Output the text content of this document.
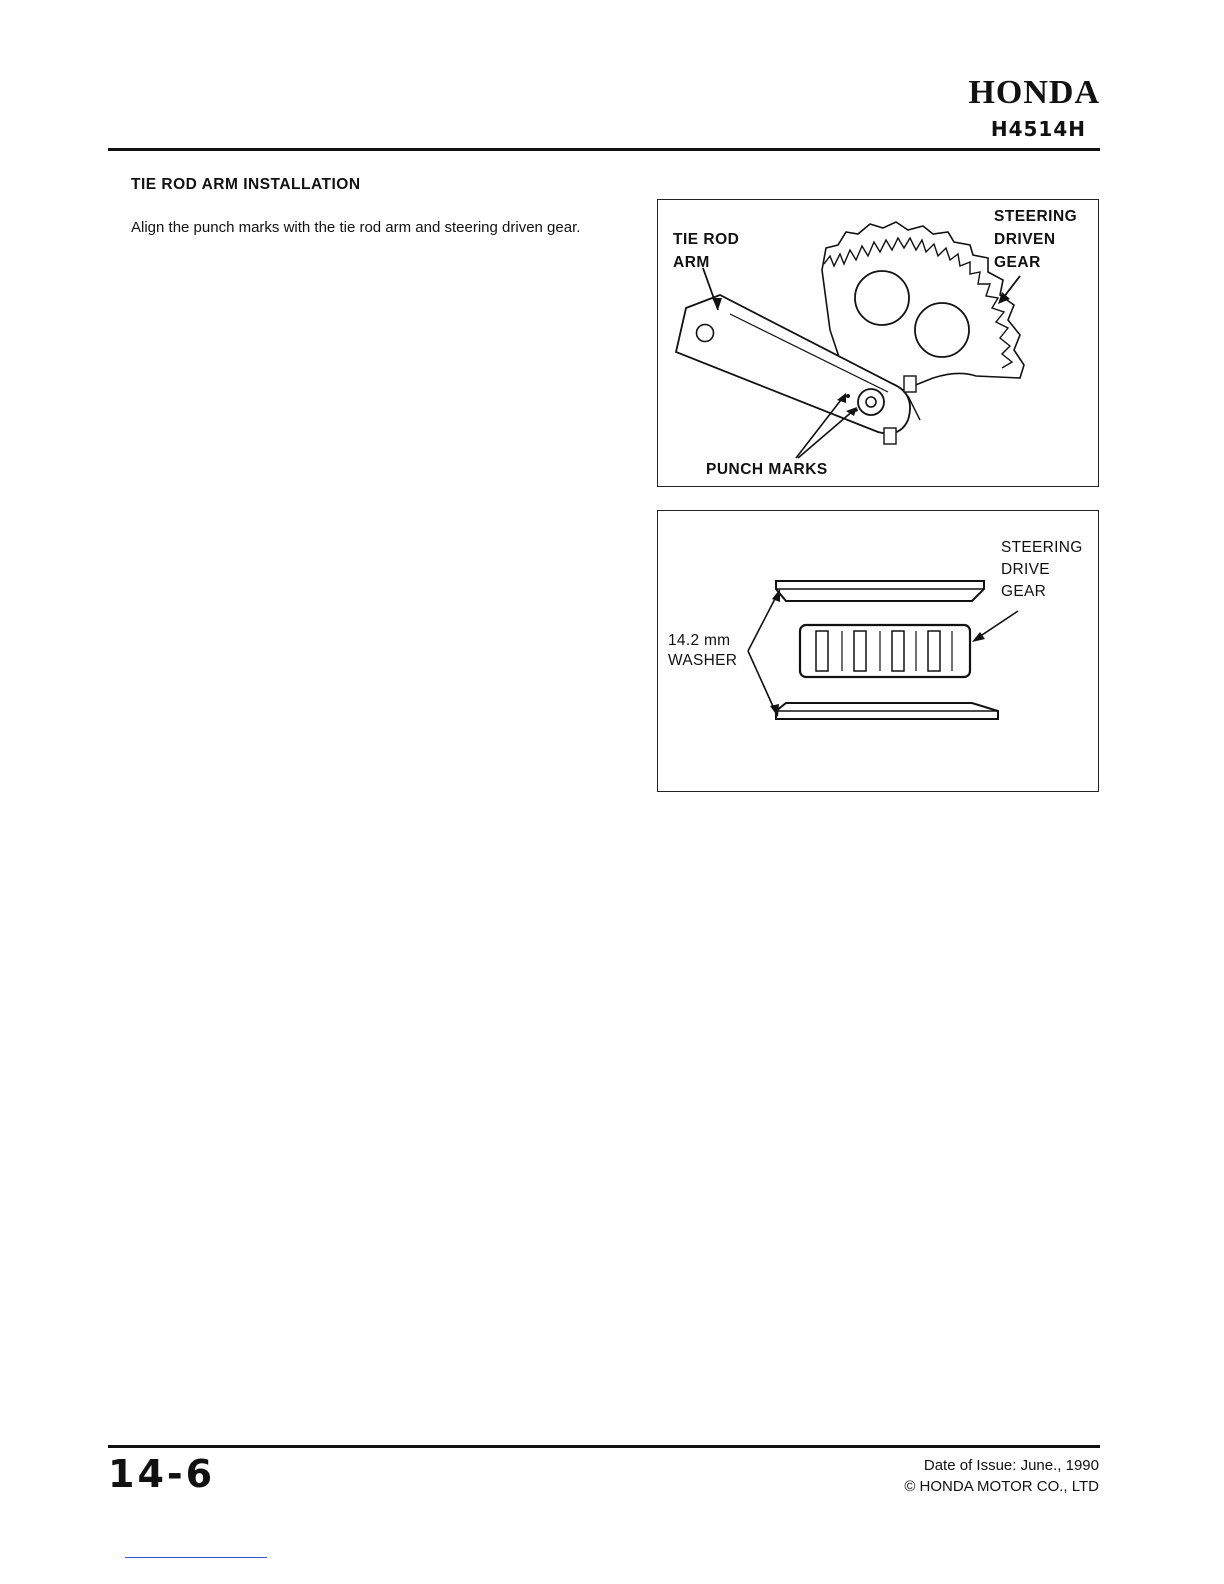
HONDA
H4514H
TIE ROD ARM INSTALLATION
Align the punch marks with the tie rod arm and steering driven gear.
TIE ROD
ARM
STEERING
DRIVEN
GEAR
PUNCH MARKS
STEERING
DRIVE
GEAR
14.2 mm
WASHER
14-6	Date of Issue: June., 1990
© HONDA MOTOR CO., LTD
